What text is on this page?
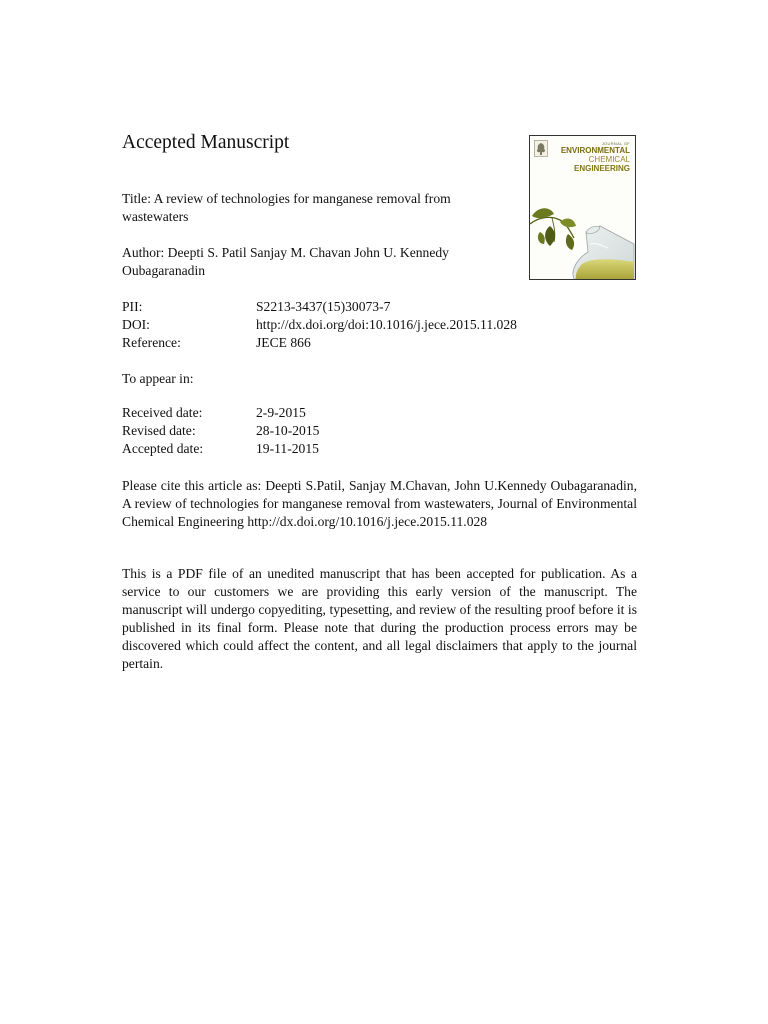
Accepted Manuscript
Title: A review of technologies for manganese removal from wastewaters
Author: Deepti S. Patil Sanjay M. Chavan John U. Kennedy Oubagaranadin
PII:	S2213-3437(15)30073-7
DOI:	http://dx.doi.org/doi:10.1016/j.jece.2015.11.028
Reference:	JECE 866
To appear in:
Received date:	2-9-2015
Revised date:	28-10-2015
Accepted date:	19-11-2015
Please cite this article as: Deepti S.Patil, Sanjay M.Chavan, John U.Kennedy Oubagaranadin, A review of technologies for manganese removal from wastewaters, Journal of Environmental Chemical Engineering http://dx.doi.org/10.1016/j.jece.2015.11.028
This is a PDF file of an unedited manuscript that has been accepted for publication. As a service to our customers we are providing this early version of the manuscript. The manuscript will undergo copyediting, typesetting, and review of the resulting proof before it is published in its final form. Please note that during the production process errors may be discovered which could affect the content, and all legal disclaimers that apply to the journal pertain.
JOURNAL OF
ENVIRONMENTAL
CHEMICAL
ENGINEERING
